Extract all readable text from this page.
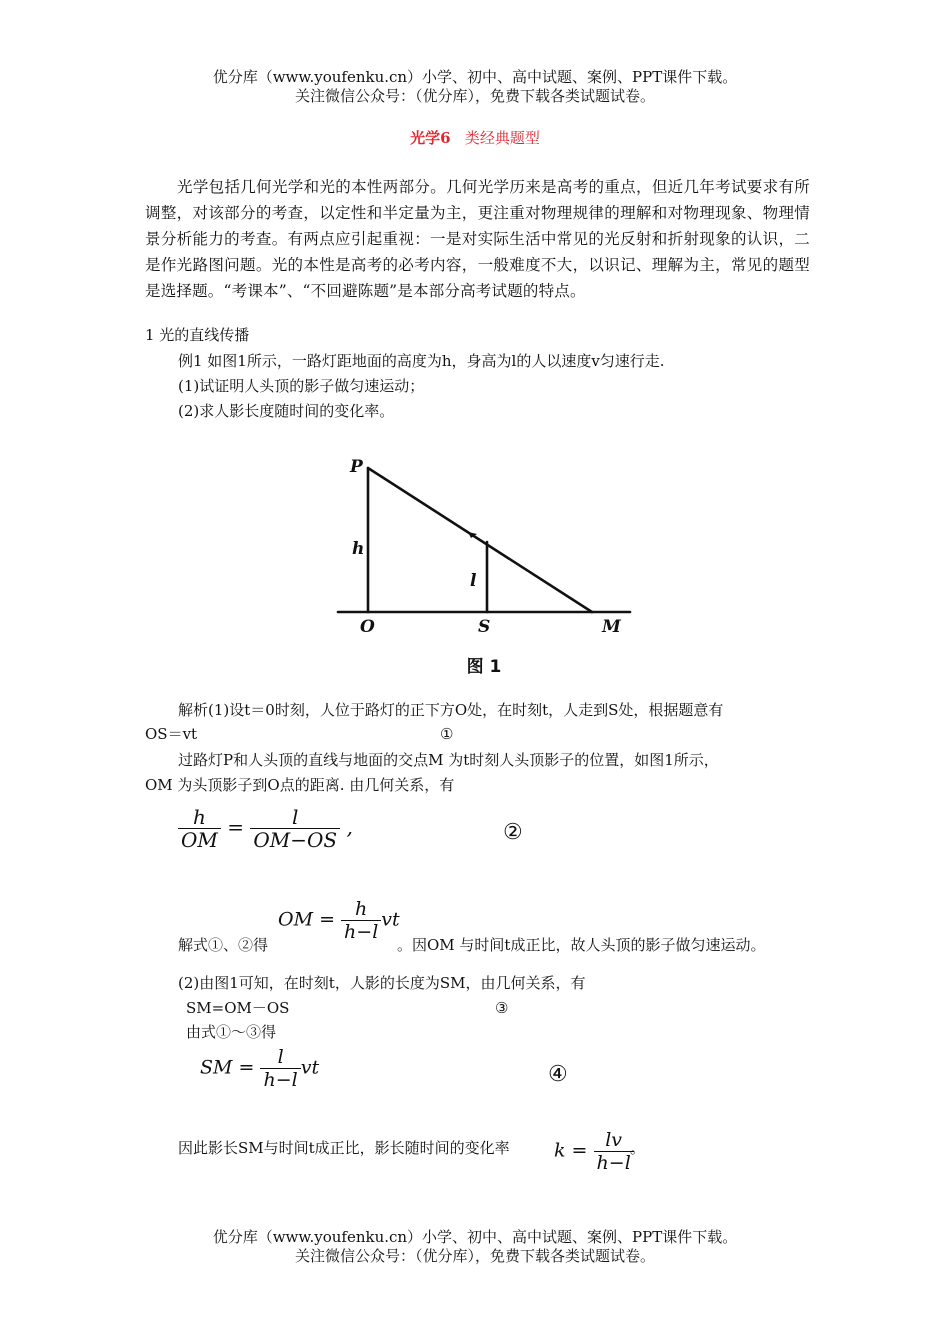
优分库（www.youfenku.cn）小学、初中、高中试题、案例、PPT课件下载。
关注微信公众号：（优分库），免费下载各类试题试卷。
光学6 类经典题型

光学包括几何光学和光的本性两部分。几何光学历来是高考的重点，但近几年考试要求有所调整，对该部分的考查，以定性和半定量为主，更注重对物理规律的理解和对物理现象、物理情景分析能力的考查。有两点应引起重视：一是对实际生活中常见的光反射和折射现象的认识，二是作光路图问题。光的本性是高考的必考内容，一般难度不大，以识记、理解为主，常见的题型是选择题。“考课本”、“不回避陈题”是本部分高考试题的特点。

1 光的直线传播
例1 如图1所示，一路灯距地面的高度为h，身高为l的人以速度v匀速行走.
(1)试证明人头顶的影子做匀速运动；
(2)求人影长度随时间的变化率。
P
h
l
O	S	M
图 1
解析(1)设t＝0时刻，人位于路灯的正下方O处，在时刻t，人走到S处，根据题意有
OS＝vt	①
过路灯P和人头顶的直线与地面的交点M 为t时刻人头顶影子的位置，如图1所示，
OM 为头顶影子到O点的距离. 由几何关系，有
$\frac{h}{OM} = \frac{l}{OM-OS}$ ,	②
解式①、②得
OM = $\frac{h}{h-l}$ vt
。因OM 与时间t成正比，故人头顶的影子做匀速运动。
(2)由图1可知，在时刻t，人影的长度为SM，由几何关系，有
SM=OM－OS	③
由式①～③得
SM = $\frac{l}{h-l}$ vt	④
因此影长SM与时间t成正比，影长随时间的变化率 $k = \frac{lv}{h-l}$
。
优分库（www.youfenku.cn）小学、初中、高中试题、案例、PPT课件下载。
关注微信公众号：（优分库），免费下载各类试题试卷。
